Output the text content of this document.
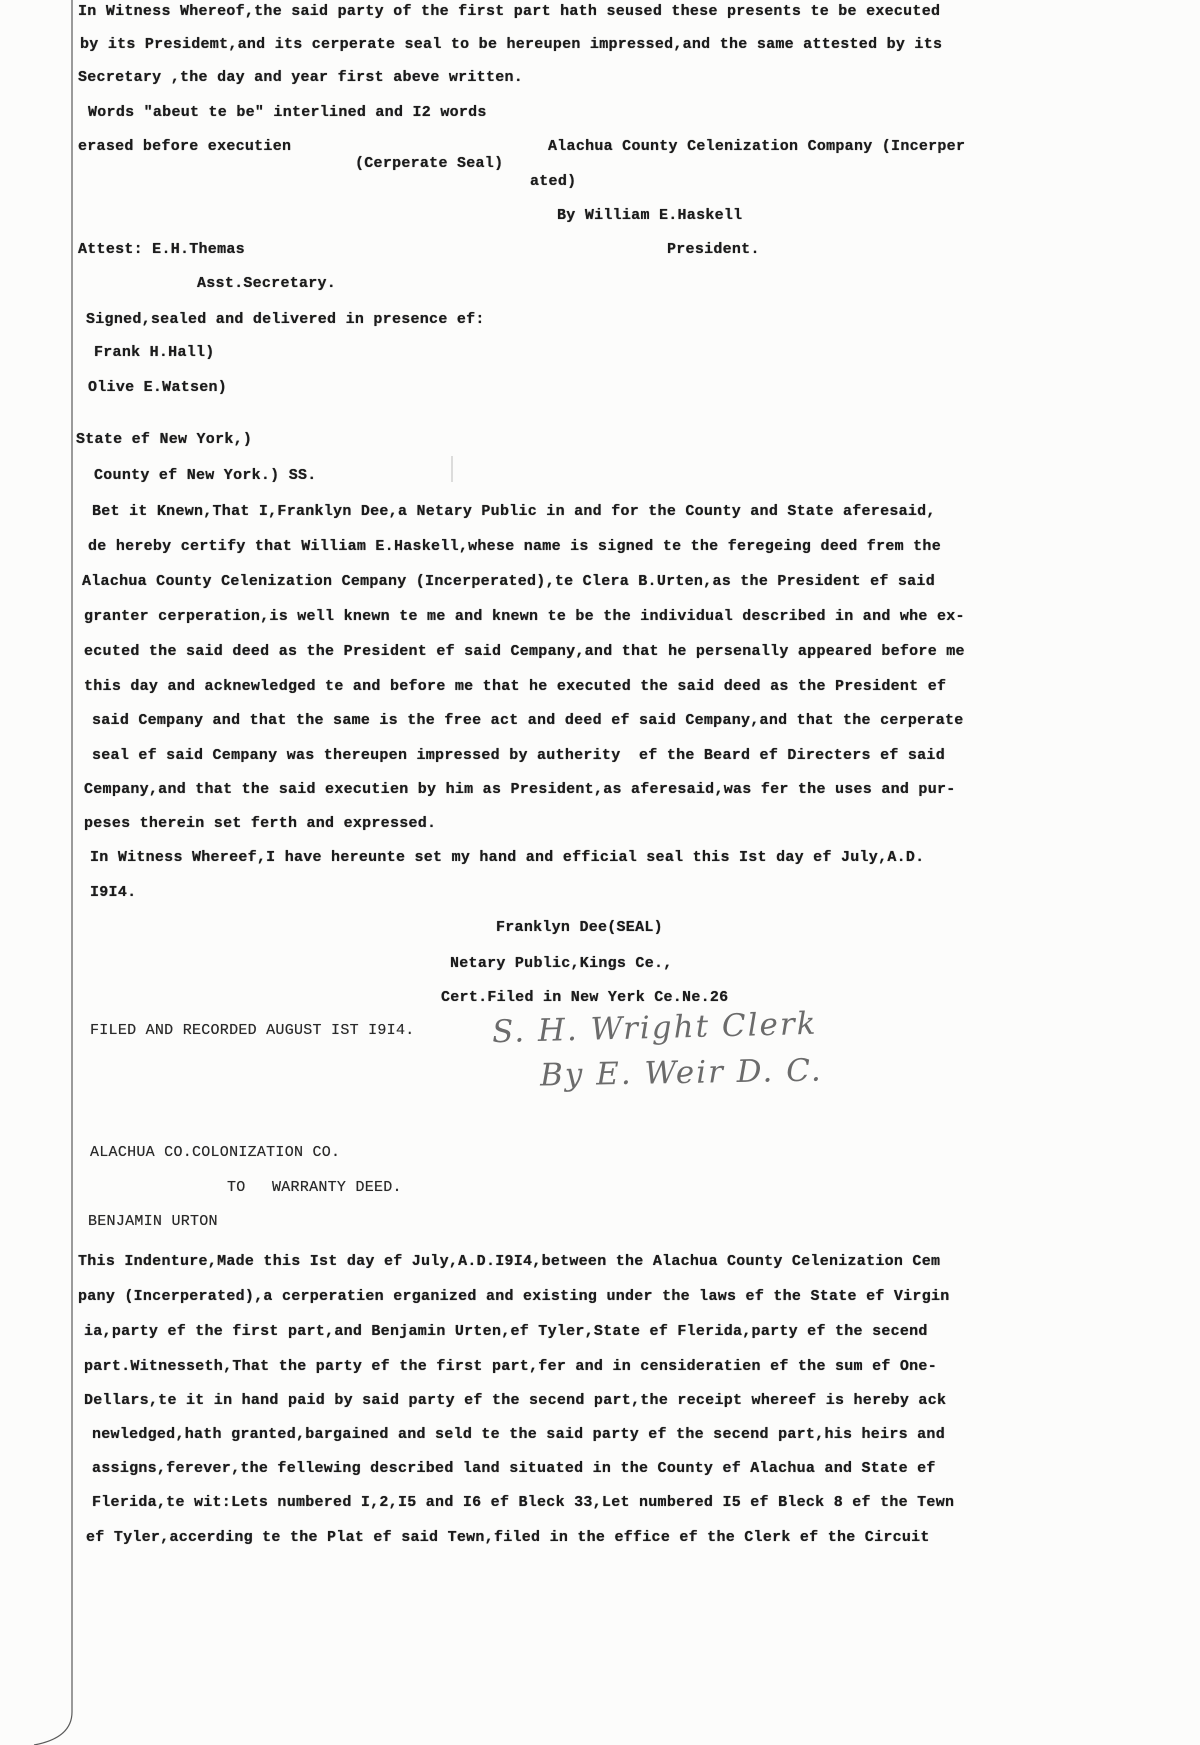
In Witness Whereof,the said party of the first part hath seused these presents te be executed
by its Presidemt,and its cerperate seal to be hereupen impressed,and the same attested by its
Secretary ,the day and year first abeve written.
Words "abeut te be" interlined and I2 words
erased before executien	Alachua County Celenization Company (Incerper
(Cerperate Seal)
ated)
By William E.Haskell
Attest: E.H.Themas	President.
Asst.Secretary.
Signed,sealed and delivered in presence ef:
Frank H.Hall)
Olive E.Watsen)
State ef New York,)
County ef New York.) SS.
Bet it Knewn,That I,Franklyn Dee,a Netary Public in and for the County and State aferesaid,
de hereby certify that William E.Haskell,whese name is signed te the feregeing deed frem the
Alachua County Celenization Cempany (Incerperated),te Clera B.Urten,as the President ef said
granter cerperation,is well knewn te me and knewn te be the individual described in and whe ex-
ecuted the said deed as the President ef said Cempany,and that he persenally appeared before me
this day and acknewledged te and before me that he executed the said deed as the President ef
said Cempany and that the same is the free act and deed ef said Cempany,and that the cerperate
seal ef said Cempany was thereupen impressed by autherity  ef the Beard ef Directers ef said
Cempany,and that the said executien by him as President,as aferesaid,was fer the uses and pur-
peses therein set ferth and expressed.
In Witness Whereef,I have hereunte set my hand and efficial seal this Ist day ef July,A.D.
I9I4.
Franklyn Dee(SEAL)
Netary Public,Kings Ce.,
Cert.Filed in New Yerk Ce.Ne.26
FILED AND RECORDED AUGUST IST I9I4. S. H. Wright Clerk
By E. Weir D. C.
ALACHUA CO.COLONIZATION CO.
TO WARRANTY DEED.
BENJAMIN URTON
This Indenture,Made this Ist day ef July,A.D.I9I4,between the Alachua County Celenization Cem
pany (Incerperated),a cerperatien erganized and existing under the laws ef the State ef Virgin
ia,party ef the first part,and Benjamin Urten,ef Tyler,State ef Flerida,party ef the secend
part.Witnesseth,That the party ef the first part,fer and in censideratien ef the sum ef One-
Dellars,te it in hand paid by said party ef the secend part,the receipt whereef is hereby ack
newledged,hath granted,bargained and seld te the said party ef the secend part,his heirs and
assigns,ferever,the fellewing described land situated in the County ef Alachua and State ef
Flerida,te wit:Lets numbered I,2,I5 and I6 ef Bleck 33,Let numbered I5 ef Bleck 8 ef the Tewn
ef Tyler,accerding te the Plat ef said Tewn,filed in the effice ef the Clerk ef the Circuit
